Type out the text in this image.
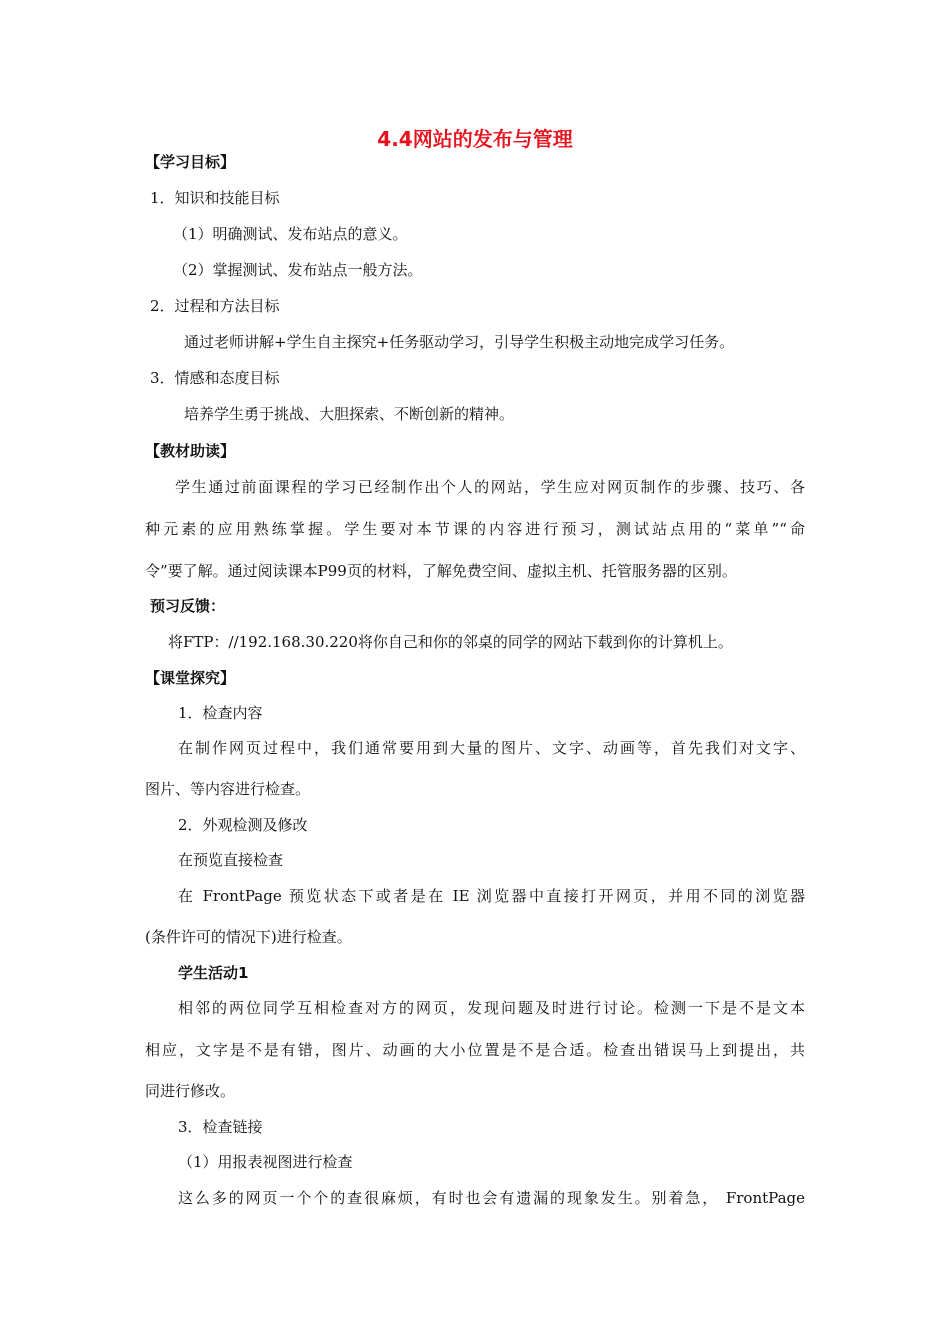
4.4网站的发布与管理
【学习目标】
1．知识和技能目标
（1）明确测试、发布站点的意义。
（2）掌握测试、发布站点一般方法。
2．过程和方法目标
通过老师讲解+学生自主探究+任务驱动学习，引导学生积极主动地完成学习任务。
3．情感和态度目标
培养学生勇于挑战、大胆探索、不断创新的精神。
【教材助读】
学生通过前面课程的学习已经制作出个人的网站，学生应对网页制作的步骤、技巧、各
种元素的应用熟练掌握。学生要对本节课的内容进行预习，测试站点用的“菜单”“命
令”要了解。通过阅读课本P99页的材料，了解免费空间、虚拟主机、托管服务器的区别。
预习反馈：
将FTP：//192.168.30.220将你自己和你的邻桌的同学的网站下载到你的计算机上。
【课堂探究】
1．检查内容
在制作网页过程中，我们通常要用到大量的图片、文字、动画等，首先我们对文字、
图片、等内容进行检查。
2．外观检测及修改
在预览直接检查
在 FrontPage 预览状态下或者是在 IE 浏览器中直接打开网页，并用不同的浏览器
(条件许可的情况下)进行检查。
学生活动1
相邻的两位同学互相检查对方的网页，发现问题及时进行讨论。检测一下是不是文本
相应，文字是不是有错，图片、动画的大小位置是不是合适。检查出错误马上到提出，共
同进行修改。
3．检查链接
（1）用报表视图进行检查
这么多的网页一个个的查很麻烦，有时也会有遗漏的现象发生。别着急， FrontPage
